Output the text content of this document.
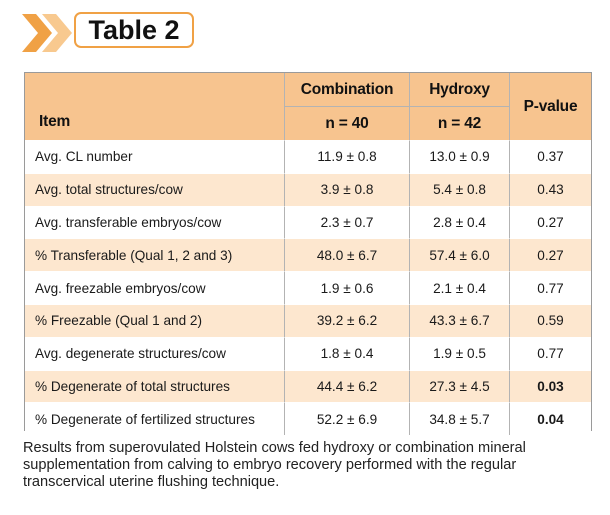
Table 2
Item	Combination	Hydroxy	P-value
	n = 40	n = 42	
Avg. CL number	11.9 ± 0.8	13.0 ± 0.9	0.37
Avg. total structures/cow	3.9 ± 0.8	5.4 ± 0.8	0.43
Avg. transferable embryos/cow	2.3 ± 0.7	2.8 ± 0.4	0.27
% Transferable (Qual 1, 2 and 3)	48.0 ± 6.7	57.4 ± 6.0	0.27
Avg. freezable embryos/cow	1.9 ± 0.6	2.1 ± 0.4	0.77
% Freezable (Qual 1 and 2)	39.2 ± 6.2	43.3 ± 6.7	0.59
Avg. degenerate structures/cow	1.8 ± 0.4	1.9 ± 0.5	0.77
% Degenerate of total structures	44.4 ± 6.2	27.3 ± 4.5	0.03
% Degenerate of fertilized structures	52.2 ± 6.9	34.8 ± 5.7	0.04
Results from superovulated Holstein cows fed hydroxy or combination mineral supplementation from calving to embryo recovery performed with the regular transcervical uterine flushing technique.
